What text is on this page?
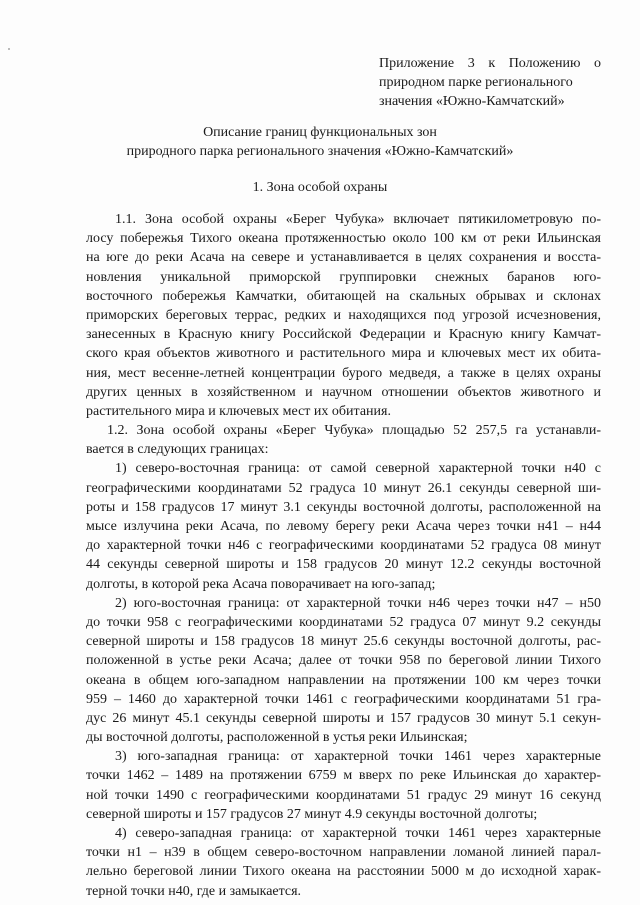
Приложение 3 к Положению о
природном парке регионального
значения «Южно-Камчатский»
Описание границ функциональных зон
природного парка регионального значения «Южно-Камчатский»
1. Зона особой охраны
1.1. Зона особой охраны «Берег Чубука» включает пятикилометровую по-
лосу побережья Тихого океана протяженностью около 100 км от реки Ильинская
на юге до реки Асача на севере и устанавливается в целях сохранения и восста-
новления уникальной приморской группировки снежных баранов юго-
восточного побережья Камчатки, обитающей на скальных обрывах и склонах
приморских береговых террас, редких и находящихся под угрозой исчезновения,
занесенных в Красную книгу Российской Федерации и Красную книгу Камчат-
ского края объектов животного и растительного мира и ключевых мест их обита-
ния, мест весенне-летней концентрации бурого медведя, а также в целях охраны
других ценных в хозяйственном и научном отношении объектов животного и
растительного мира и ключевых мест их обитания.
1.2. Зона особой охраны «Берег Чубука» площадью 52 257,5 га устанавли-
вается в следующих границах:
1) северо-восточная граница: от самой северной характерной точки н40 с
географическими координатами 52 градуса 10 минут 26.1 секунды северной ши-
роты и 158 градусов 17 минут 3.1 секунды восточной долготы, расположенной на
мысе излучина реки Асача, по левому берегу реки Асача через точки н41 – н44
до характерной точки н46 с географическими координатами 52 градуса 08 минут
44 секунды северной широты и 158 градусов 20 минут 12.2 секунды восточной
долготы, в которой река Асача поворачивает на юго-запад;
2) юго-восточная граница: от характерной точки н46 через точки н47 – н50
до точки 958 с географическими координатами 52 градуса 07 минут 9.2 секунды
северной широты и 158 градусов 18 минут 25.6 секунды восточной долготы, рас-
положенной в устье реки Асача; далее от точки 958 по береговой линии Тихого
океана в общем юго-западном направлении на протяжении 100 км через точки
959 – 1460 до характерной точки 1461 с географическими координатами 51 гра-
дус 26 минут 45.1 секунды северной широты и 157 градусов 30 минут 5.1 секун-
ды восточной долготы, расположенной в устья реки Ильинская;
3) юго-западная граница: от характерной точки 1461 через характерные
точки 1462 – 1489 на протяжении 6759 м вверх по реке Ильинская до характер-
ной точки 1490 с географическими координатами 51 градус 29 минут 16 секунд
северной широты и 157 градусов 27 минут 4.9 секунды восточной долготы;
4) северо-западная граница: от характерной точки 1461 через характерные
точки н1 – н39 в общем северо-восточном направлении ломаной линией парал-
лельно береговой линии Тихого океана на расстоянии 5000 м до исходной харак-
терной точки н40, где и замыкается.
